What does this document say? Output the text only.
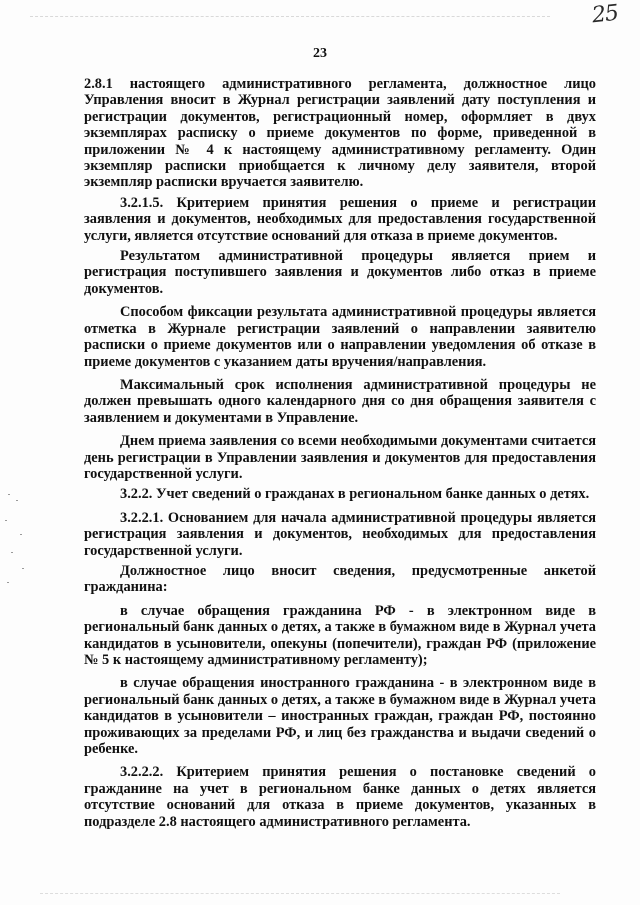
25
23

2.8.1 настоящего административного регламента, должностное лицо Управления вносит в Журнал регистрации заявлений дату поступления и регистрации документов, регистрационный номер, оформляет в двух экземплярах расписку о приеме документов по форме, приведенной в приложении № 4 к настоящему административному регламенту. Один экземпляр расписки приобщается к личному делу заявителя, второй экземпляр расписки вручается заявителю.

3.2.1.5. Критерием принятия решения о приеме и регистрации заявления и документов, необходимых для предоставления государственной услуги, является отсутствие оснований для отказа в приеме документов.

Результатом административной процедуры является прием и регистрация поступившего заявления и документов либо отказ в приеме документов.

Способом фиксации результата административной процедуры является отметка в Журнале регистрации заявлений о направлении заявителю расписки о приеме документов или о направлении уведомления об отказе в приеме документов с указанием даты вручения/направления.

Максимальный срок исполнения административной процедуры не должен превышать одного календарного дня со дня обращения заявителя с заявлением и документами в Управление.

Днем приема заявления со всеми необходимыми документами считается день регистрации в Управлении заявления и документов для предоставления государственной услуги.

3.2.2. Учет сведений о гражданах в региональном банке данных о детях.

3.2.2.1. Основанием для начала административной процедуры является регистрация заявления и документов, необходимых для предоставления государственной услуги.

Должностное лицо вносит сведения, предусмотренные анкетой гражданина:

в случае обращения гражданина РФ - в электронном виде в региональный банк данных о детях, а также в бумажном виде в Журнал учета кандидатов в усыновители, опекуны (попечители), граждан РФ (приложение № 5 к настоящему административному регламенту);

в случае обращения иностранного гражданина - в электронном виде в региональный банк данных о детях, а также в бумажном виде в Журнал учета кандидатов в усыновители – иностранных граждан, граждан РФ, постоянно проживающих за пределами РФ, и лиц без гражданства и выдачи сведений о ребенке.

3.2.2.2. Критерием принятия решения о постановке сведений о гражданине на учет в региональном банке данных о детях является отсутствие оснований для отказа в приеме документов, указанных в подразделе 2.8 настоящего административного регламента.
